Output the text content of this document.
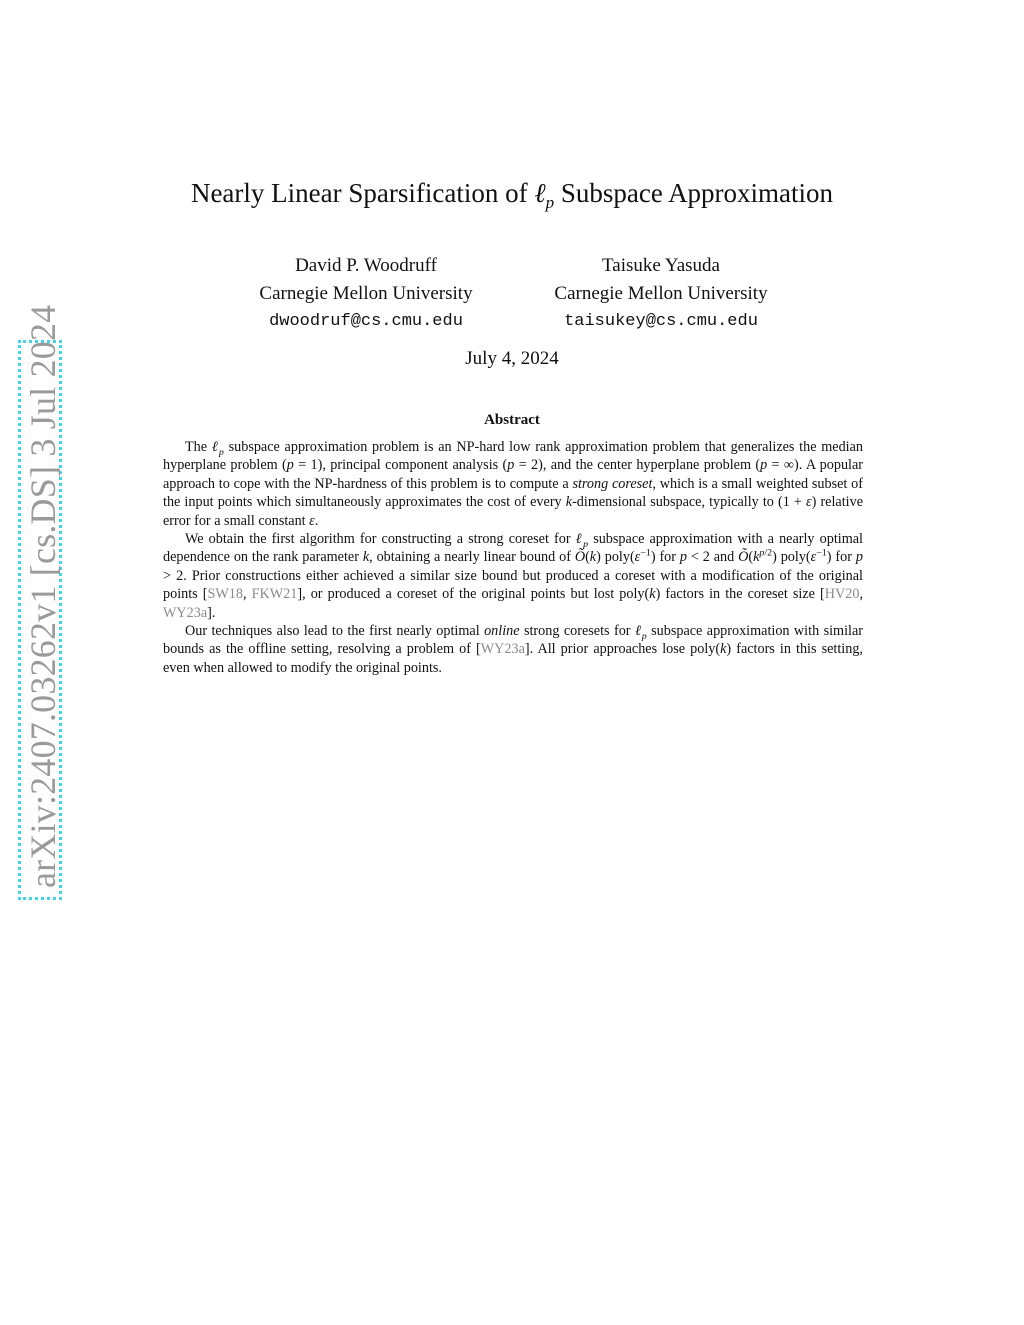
arXiv:2407.03262v1 [cs.DS] 3 Jul 2024
Nearly Linear Sparsification of ℓ$_p$ Subspace Approximation
David P. Woodruff
Carnegie Mellon University
dwoodruf@cs.cmu.edu
Taisuke Yasuda
Carnegie Mellon University
taisukey@cs.cmu.edu
July 4, 2024
Abstract

The ℓ$_p$ subspace approximation problem is an NP-hard low rank approximation problem that generalizes the median hyperplane problem (p = 1), principal component analysis (p = 2), and the center hyperplane problem (p = ∞). A popular approach to cope with the NP-hardness of this problem is to compute a strong coreset, which is a small weighted subset of the input points which simultaneously approximates the cost of every k-dimensional subspace, typically to (1 + ε) relative error for a small constant ε.

We obtain the first algorithm for constructing a strong coreset for ℓ$_p$ subspace approximation with a nearly optimal dependence on the rank parameter k, obtaining a nearly linear bound of Õ(k) $poly(\varepsilon^{-1})$ for p < 2 and $Õ(k^{p/2})$ $poly(\varepsilon^{-1})$ for p > 2. Prior constructions either achieved a similar size bound but produced a coreset with a modification of the original points [SW18, FKW21], or produced a coreset of the original points but lost poly(k) factors in the coreset size [HV20, WY23a].

Our techniques also lead to the first nearly optimal online strong coresets for ℓ$_p$ subspace approximation with similar bounds as the offline setting, resolving a problem of [WY23a]. All prior approaches lose poly(k) factors in this setting, even when allowed to modify the original points.
